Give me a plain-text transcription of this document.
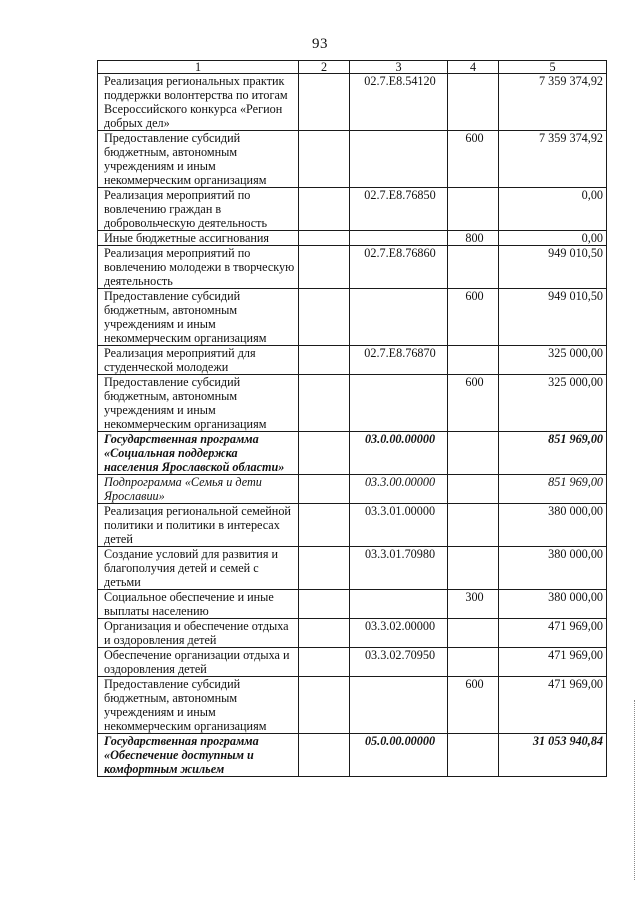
93
1	2	3	4	5
Реализация региональных практик поддержки волонтерства по итогам Всероссийского конкурса «Регион добрых дел»		02.7.E8.54120		7 359 374,92
Предоставление субсидий бюджетным, автономным учреждениям и иным некоммерческим организациям			600	7 359 374,92
Реализация мероприятий по вовлечению граждан в добровольческую деятельность		02.7.E8.76850		0,00
Иные бюджетные ассигнования			800	0,00
Реализация мероприятий по вовлечению молодежи в творческую деятельность		02.7.E8.76860		949 010,50
Предоставление субсидий бюджетным, автономным учреждениям и иным некоммерческим организациям			600	949 010,50
Реализация мероприятий для студенческой молодежи		02.7.E8.76870		325 000,00
Предоставление субсидий бюджетным, автономным учреждениям и иным некоммерческим организациям			600	325 000,00
Государственная программа «Социальная поддержка населения Ярославской области»		03.0.00.00000		851 969,00
Подпрограмма «Семья и дети Ярославии»		03.3.00.00000		851 969,00
Реализация региональной семейной политики и политики в интересах детей		03.3.01.00000		380 000,00
Создание условий для развития и благополучия детей и семей с детьми		03.3.01.70980		380 000,00
Социальное обеспечение и иные выплаты населению			300	380 000,00
Организация и обеспечение отдыха и оздоровления детей		03.3.02.00000		471 969,00
Обеспечение организации отдыха и оздоровления детей		03.3.02.70950		471 969,00
Предоставление субсидий бюджетным, автономным учреждениям и иным некоммерческим организациям			600	471 969,00
Государственная программа «Обеспечение доступным и комфортным жильем		05.0.00.00000		31 053 940,84
